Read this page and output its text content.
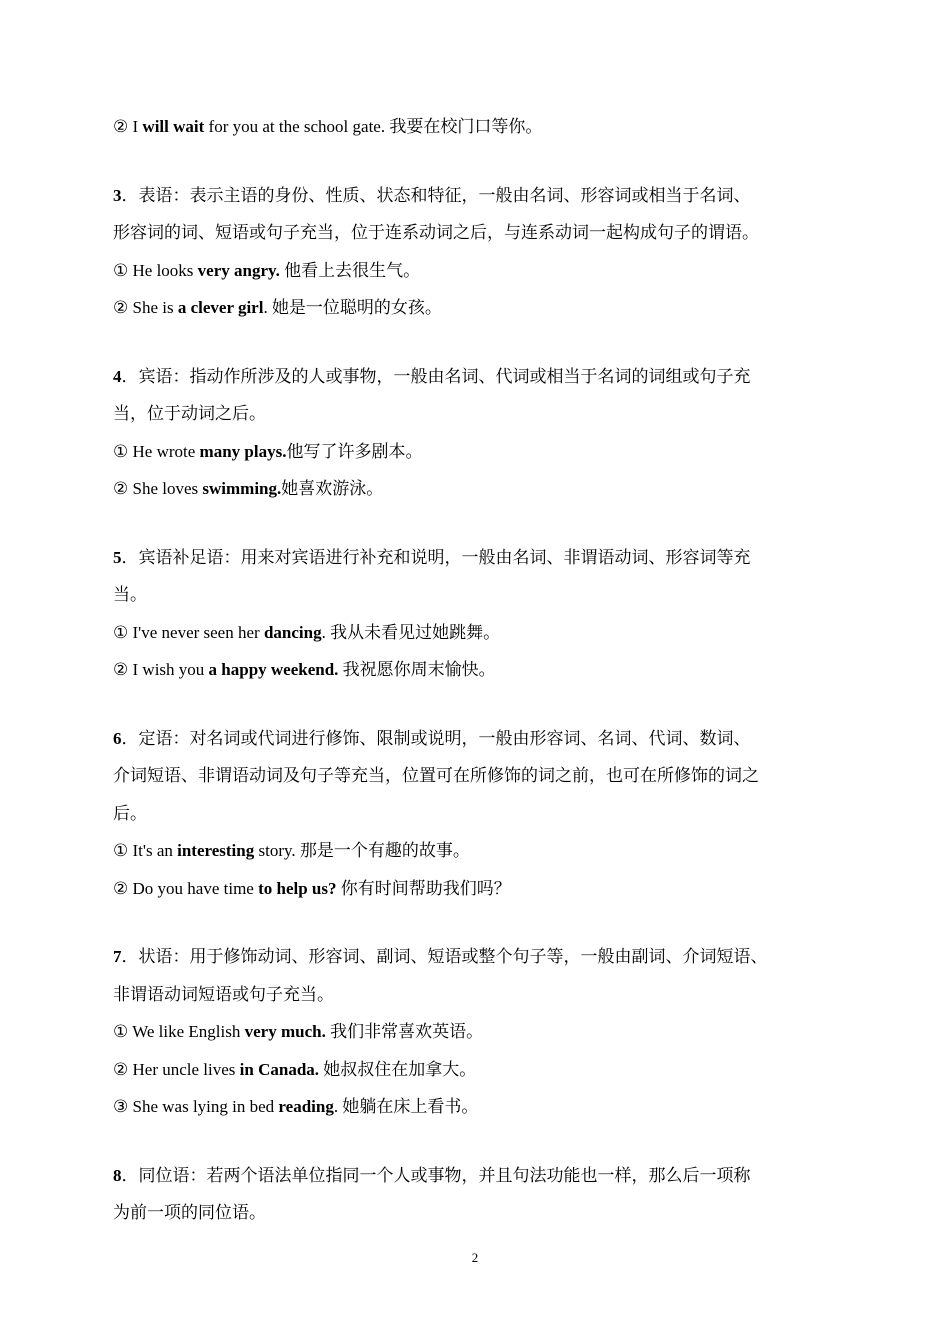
② I will wait for you at the school gate. 我要在校门口等你。
3．表语：表示主语的身份、性质、状态和特征，一般由名词、形容词或相当于名词、
形容词的词、短语或句子充当，位于连系动词之后，与连系动词一起构成句子的谓语。
① He looks very angry. 他看上去很生气。
② She is a clever girl. 她是一位聪明的女孩。
4．宾语：指动作所涉及的人或事物，一般由名词、代词或相当于名词的词组或句子充
当，位于动词之后。
① He wrote many plays.他写了许多剧本。
② She loves swimming.她喜欢游泳。
5．宾语补足语：用来对宾语进行补充和说明，一般由名词、非谓语动词、形容词等充
当。
① I've never seen her dancing. 我从未看见过她跳舞。
② I wish you a happy weekend. 我祝愿你周末愉快。
6．定语：对名词或代词进行修饰、限制或说明，一般由形容词、名词、代词、数词、
介词短语、非谓语动词及句子等充当，位置可在所修饰的词之前，也可在所修饰的词之
后。
① It's an interesting story. 那是一个有趣的故事。
② Do you have time to help us? 你有时间帮助我们吗？
7．状语：用于修饰动词、形容词、副词、短语或整个句子等，一般由副词、介词短语、
非谓语动词短语或句子充当。
① We like English very much. 我们非常喜欢英语。
② Her uncle lives in Canada. 她叔叔住在加拿大。
③ She was lying in bed reading. 她躺在床上看书。
8．同位语：若两个语法单位指同一个人或事物，并且句法功能也一样，那么后一项称
为前一项的同位语。
2
